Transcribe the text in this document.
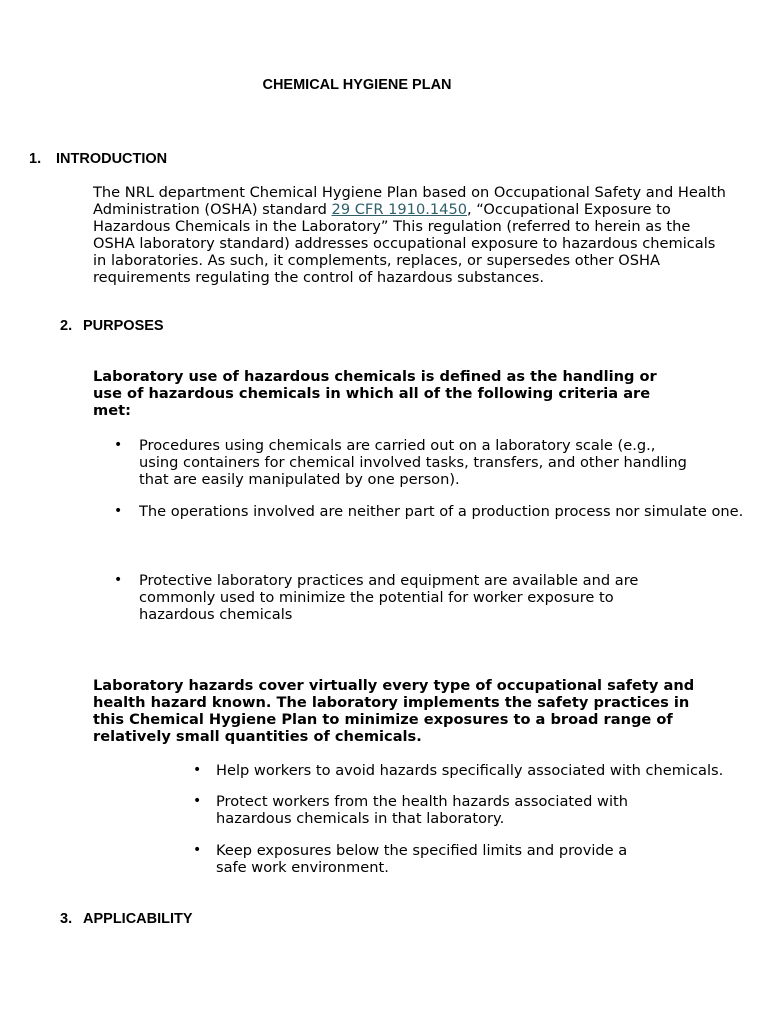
CHEMICAL HYGIENE PLAN
1. INTRODUCTION
The NRL department Chemical Hygiene Plan based on Occupational Safety and Health Administration (OSHA) standard 29 CFR 1910.1450, “Occupational Exposure to Hazardous Chemicals in the Laboratory” This regulation (referred to herein as the OSHA laboratory standard) addresses occupational exposure to hazardous chemicals in laboratories. As such, it complements, replaces, or supersedes other OSHA requirements regulating the control of hazardous substances.
2. PURPOSES
Laboratory use of hazardous chemicals is defined as the handling or use of hazardous chemicals in which all of the following criteria are met:
• Procedures using chemicals are carried out on a laboratory scale (e.g., using containers for chemical involved tasks, transfers, and other handling that are easily manipulated by one person).
• The operations involved are neither part of a production process nor simulate one.
• Protective laboratory practices and equipment are available and are commonly used to minimize the potential for worker exposure to hazardous chemicals
Laboratory hazards cover virtually every type of occupational safety and health hazard known. The laboratory implements the safety practices in this Chemical Hygiene Plan to minimize exposures to a broad range of relatively small quantities of chemicals.
• Help workers to avoid hazards specifically associated with chemicals.
• Protect workers from the health hazards associated with hazardous chemicals in that laboratory.
• Keep exposures below the specified limits and provide a safe work environment.
3. APPLICABILITY
